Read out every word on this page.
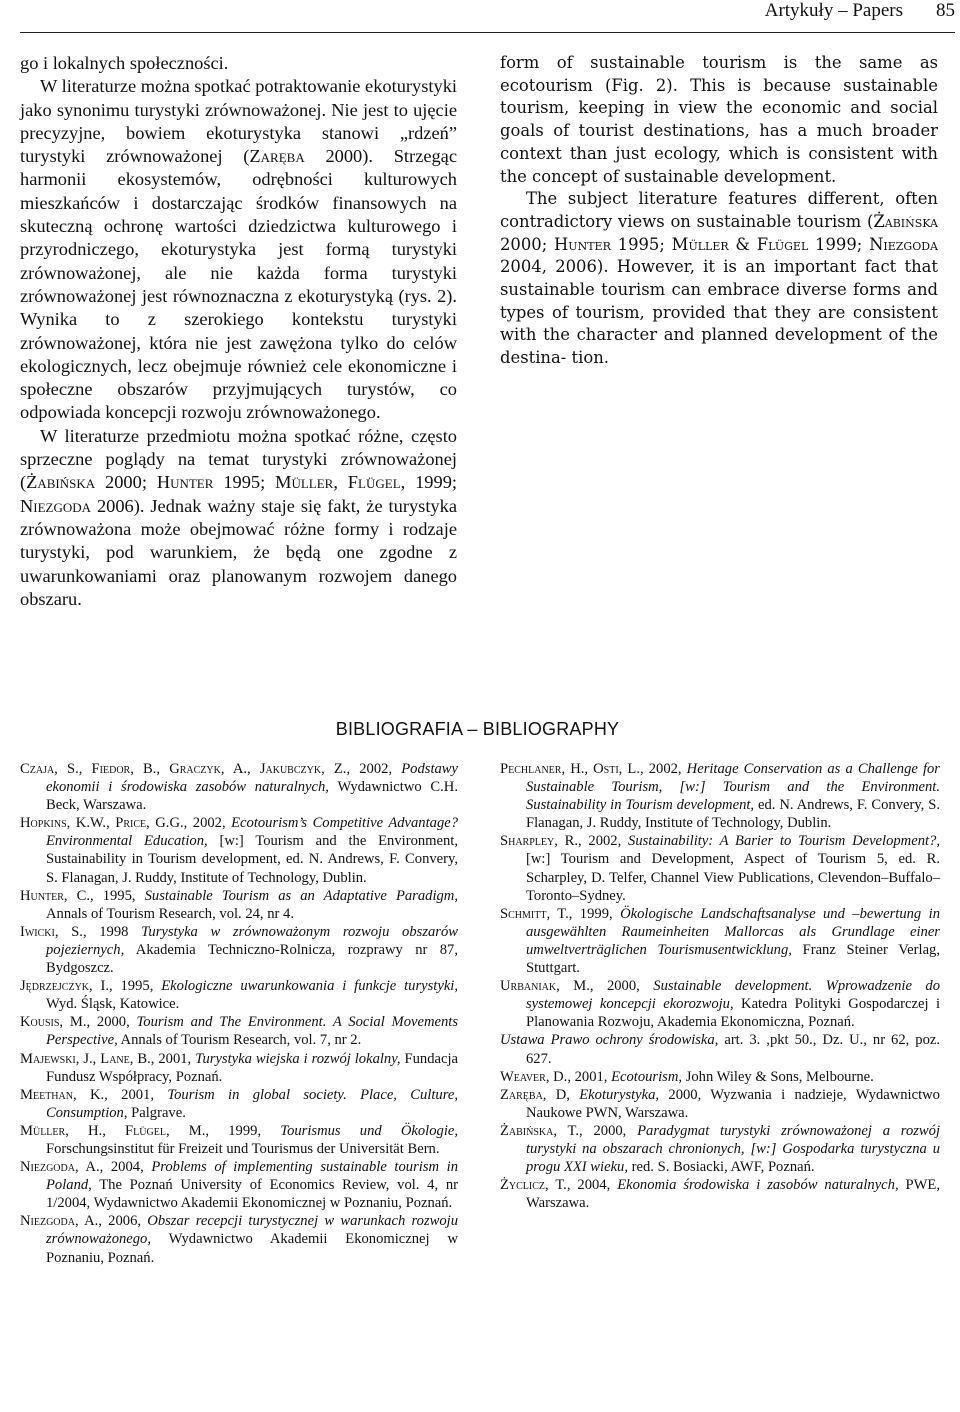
Artykuły – Papers 85

go i lokalnych społeczności.

W literaturze można spotkać potraktowanie ekoturystyki jako synonimu turystyki zrównoważonej. Nie jest to ujęcie precyzyjne, bowiem ekoturystyka stanowi „rdzeń” turystyki zrównoważonej (Zaręba 2000). Strzegąc harmonii ekosystemów, odrębności kulturowych mieszkańców i dostarczając środków finansowych na skuteczną ochronę wartości dziedzictwa kulturowego i przyrodniczego, ekoturystyka jest formą turystyki zrównoważonej, ale nie każda forma turystyki zrównoważonej jest równoznaczna z ekoturystyką (rys. 2). Wynika to z szerokiego kontekstu turystyki zrównoważonej, która nie jest zawężona tylko do celów ekologicznych, lecz obejmuje również cele ekonomiczne i społeczne obszarów przyjmujących turystów, co odpowiada koncepcji rozwoju zrównoważonego.

W literaturze przedmiotu można spotkać różne, często sprzeczne poglądy na temat turystyki zrównoważonej (Żabińska 2000; Hunter 1995; Müller, Flügel, 1999; Niezgoda 2006). Jednak ważny staje się fakt, że turystyka zrównoważona może obejmować różne formy i rodzaje turystyki, pod warunkiem, że będą one zgodne z uwarunkowaniami oraz planowanym rozwojem danego obszaru.

form of sustainable tourism is the same as ecotourism (Fig. 2). This is because sustainable tourism, keeping in view the economic and social goals of tourist destinations, has a much broader context than just ecology, which is consistent with the concept of sustainable development.

The subject literature features different, often contradictory views on sustainable tourism (Żabińska 2000; Hunter 1995; Müller & Flügel 1999; Niezgoda 2004, 2006). However, it is an important fact that sustainable tourism can embrace diverse forms and types of tourism, provided that they are consistent with the character and planned development of the destina- tion.

BIBLIOGRAFIA – BIBLIOGRAPHY

Czaja, S., Fiedor, B., Graczyk, A., Jakubczyk, Z., 2002, Podstawy ekonomii i środowiska zasobów naturalnych, Wydawnictwo C.H. Beck, Warszawa.

Hopkins, K.W., Price, G.G., 2002, Ecotourism’s Competitive Advantage? Environmental Education, [w:] Tourism and the Environment, Sustainability in Tourism development, ed. N. Andrews, F. Convery, S. Flanagan, J. Ruddy, Institute of Technology, Dublin.

Hunter, C., 1995, Sustainable Tourism as an Adaptative Paradigm, Annals of Tourism Research, vol. 24, nr 4.

Iwicki, S., 1998 Turystyka w zrównoważonym rozwoju obszarów pojeziernych, Akademia Techniczno-Rolnicza, rozprawy nr 87, Bydgoszcz.

Jędrzejczyk, I., 1995, Ekologiczne uwarunkowania i funkcje turystyki, Wyd. Śląsk, Katowice.

Kousis, M., 2000, Tourism and The Environment. A Social Movements Perspective, Annals of Tourism Research, vol. 7, nr 2.

Majewski, J., Lane, B., 2001, Turystyka wiejska i rozwój lokalny, Fundacja Fundusz Współpracy, Poznań.

Meethan, K., 2001, Tourism in global society. Place, Culture, Consumption, Palgrave.

Müller, H., Flügel, M., 1999, Tourismus und Ökologie, Forschungsinstitut für Freizeit und Tourismus der Universität Bern.

Niezgoda, A., 2004, Problems of implementing sustainable tourism in Poland, The Poznań University of Economics Review, vol. 4, nr 1/2004, Wydawnictwo Akademii Ekonomicznej w Poznaniu, Poznań.

Niezgoda, A., 2006, Obszar recepcji turystycznej w warunkach rozwoju zrównoważonego, Wydawnictwo Akademii Ekonomicznej w Poznaniu, Poznań.

Pechlaner, H., Osti, L., 2002, Heritage Conservation as a Challenge for Sustainable Tourism, [w:] Tourism and the Environment. Sustainability in Tourism development, ed. N. Andrews, F. Convery, S. Flanagan, J. Ruddy, Institute of Technology, Dublin.

Sharpley, R., 2002, Sustainability: A Barier to Tourism Development?, [w:] Tourism and Development, Aspect of Tourism 5, ed. R. Scharpley, D. Telfer, Channel View Publications, Clevendon–Buffalo–Toronto–Sydney.

Schmitt, T., 1999, Ökologische Landschaftsanalyse und –bewertung in ausgewählten Raumeinheiten Mallorcas als Grundlage einer umweltverträglichen Tourismusentwicklung, Franz Steiner Verlag, Stuttgart.

Urbaniak, M., 2000, Sustainable development. Wprowadzenie do systemowej koncepcji ekorozwoju, Katedra Polityki Gospodarczej i Planowania Rozwoju, Akademia Ekonomiczna, Poznań.

Ustawa Prawo ochrony środowiska, art. 3. ,pkt 50., Dz. U., nr 62, poz. 627.

Weaver, D., 2001, Ecotourism, John Wiley & Sons, Melbourne.

Zaręba, D, Ekoturystyka, 2000, Wyzwania i nadzieje, Wydawnictwo Naukowe PWN, Warszawa.

Żabińska, T., 2000, Paradygmat turystyki zrównoważonej a rozwój turystyki na obszarach chronionych, [w:] Gospodarka turystyczna u progu XXI wieku, red. S. Bosiacki, AWF, Poznań.

Życlicz, T., 2004, Ekonomia środowiska i zasobów naturalnych, PWE, Warszawa.
